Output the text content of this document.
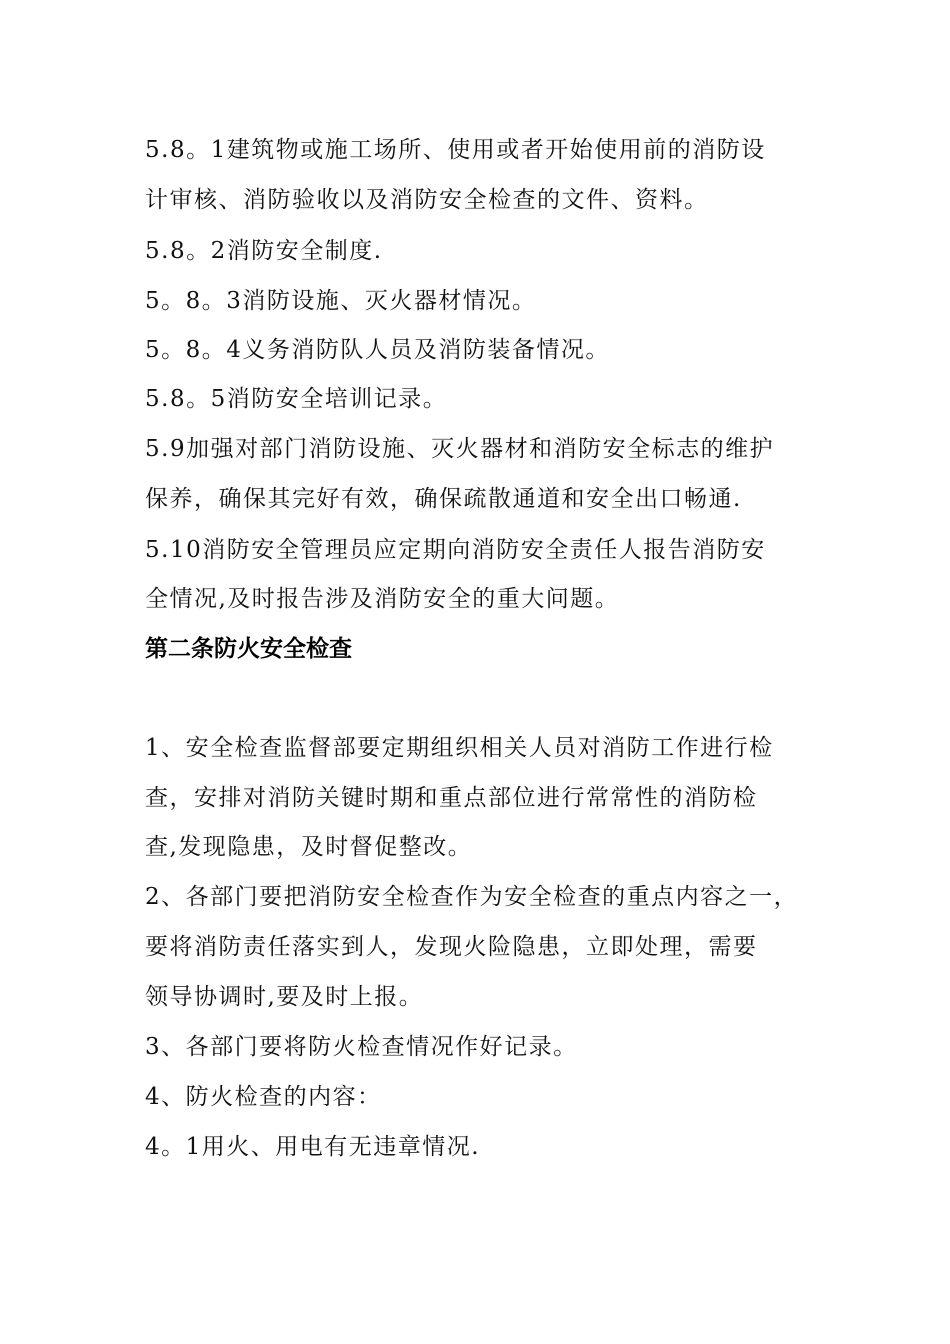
5.8。1建筑物或施工场所、使用或者开始使用前的消防设
计审核、消防验收以及消防安全检查的文件、资料。
5.8。2消防安全制度.
5。8。3消防设施、灭火器材情况。
5。8。4义务消防队人员及消防装备情况。
5.8。5消防安全培训记录。
5.9加强对部门消防设施、灭火器材和消防安全标志的维护
保养，确保其完好有效，确保疏散通道和安全出口畅通.
5.10消防安全管理员应定期向消防安全责任人报告消防安
全情况,及时报告涉及消防安全的重大问题。
第二条防火安全检查
1、安全检查监督部要定期组织相关人员对消防工作进行检
查，安排对消防关键时期和重点部位进行常常性的消防检
查,发现隐患，及时督促整改。
2、各部门要把消防安全检查作为安全检查的重点内容之一，
要将消防责任落实到人，发现火险隐患，立即处理，需要
领导协调时,要及时上报。
3、各部门要将防火检查情况作好记录。
4、防火检查的内容：
4。1用火、用电有无违章情况.
